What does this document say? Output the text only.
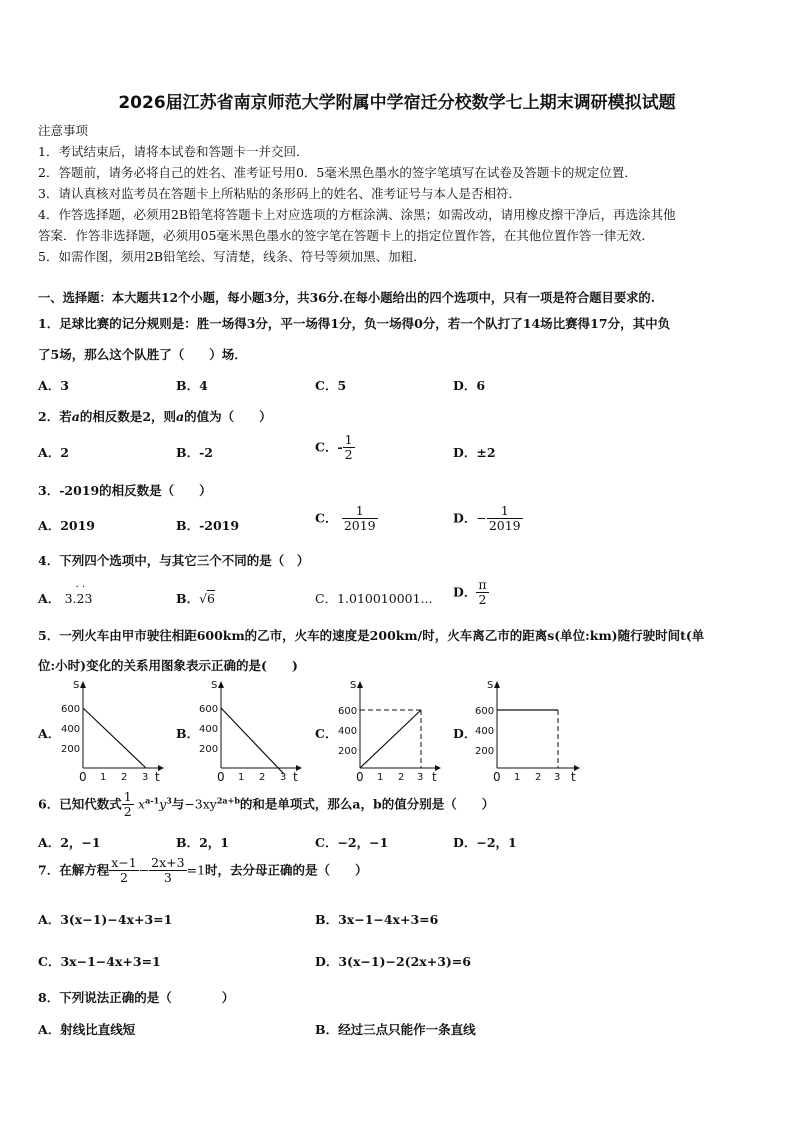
2026届江苏省南京师范大学附属中学宿迁分校数学七上期末调研模拟试题
注意事项
1．考试结束后，请将本试卷和答题卡一并交回．
2．答题前，请务必将自己的姓名、准考证号用0．5毫米黑色墨水的签字笔填写在试卷及答题卡的规定位置．
3．请认真核对监考员在答题卡上所粘贴的条形码上的姓名、准考证号与本人是否相符．
4．作答选择题，必须用2B铅笔将答题卡上对应选项的方框涂满、涂黑；如需改动，请用橡皮擦干净后，再选涂其他
答案．作答非选择题，必须用05毫米黑色墨水的签字笔在答题卡上的指定位置作答，在其他位置作答一律无效．
5．如需作图，须用2B铅笔绘、写清楚，线条、符号等须加黑、加粗．
一、选择题：本大题共12个小题，每小题3分，共36分.在每小题给出的四个选项中，只有一项是符合题目要求的.
1．足球比赛的记分规则是：胜一场得3分，平一场得1分，负一场得0分，若一个队打了14场比赛得17分，其中负
了5场，那么这个队胜了（　　）场．
A．3	B．4	C．5	D．6
2．若a的相反数是2，则a的值为（　　）
A．2	B．-2	C．- $\frac{1}{2}$	D．±2
3．-2019的相反数是（　　）
A．2019	B．-2019
C． $\frac{1}{2019}$	D．− $\frac{1}{2019}$
4．下列四个选项中，与其它三个不同的是（　）
A．
· ·
3.23	B．√6	C．1.010010001... D． $\frac{\pi}{2}$
5．一列火车由甲市驶往相距600km的乙市，火车的速度是200km/时，火车离乙市的距离s(单位:km)随行驶时间t(单
位:小时)变化的关系用图象表示正确的是(　　)
A．	B．	C．	D．
S
600
400
200
0 1 2 3 t
S
600
400
200
0 1 2 3 t
S
600
400
200
0 1 2 3 t
S
600
400
200
0 1 2 3 t
6．已知代数式 $\frac{1}{2} x^{a-1}y^3$与$-3xy^{2a+b}$的和是单项式，那么a，b的值分别是（　　）
A．2，−1	B．2，1	C．−2，−1	D．−2，1
7．在解方程 $\frac{x-1}{2} - \frac{2x+3}{3} =1$时，去分母正确的是（　　）
A．3(x−1)−4x+3=1	B．3x−1−4x+3=6
C．3x−1−4x+3=1	D．3(x−1)−2(2x+3)=6
8．下列说法正确的是（　　　　）
A．射线比直线短	B．经过三点只能作一条直线
